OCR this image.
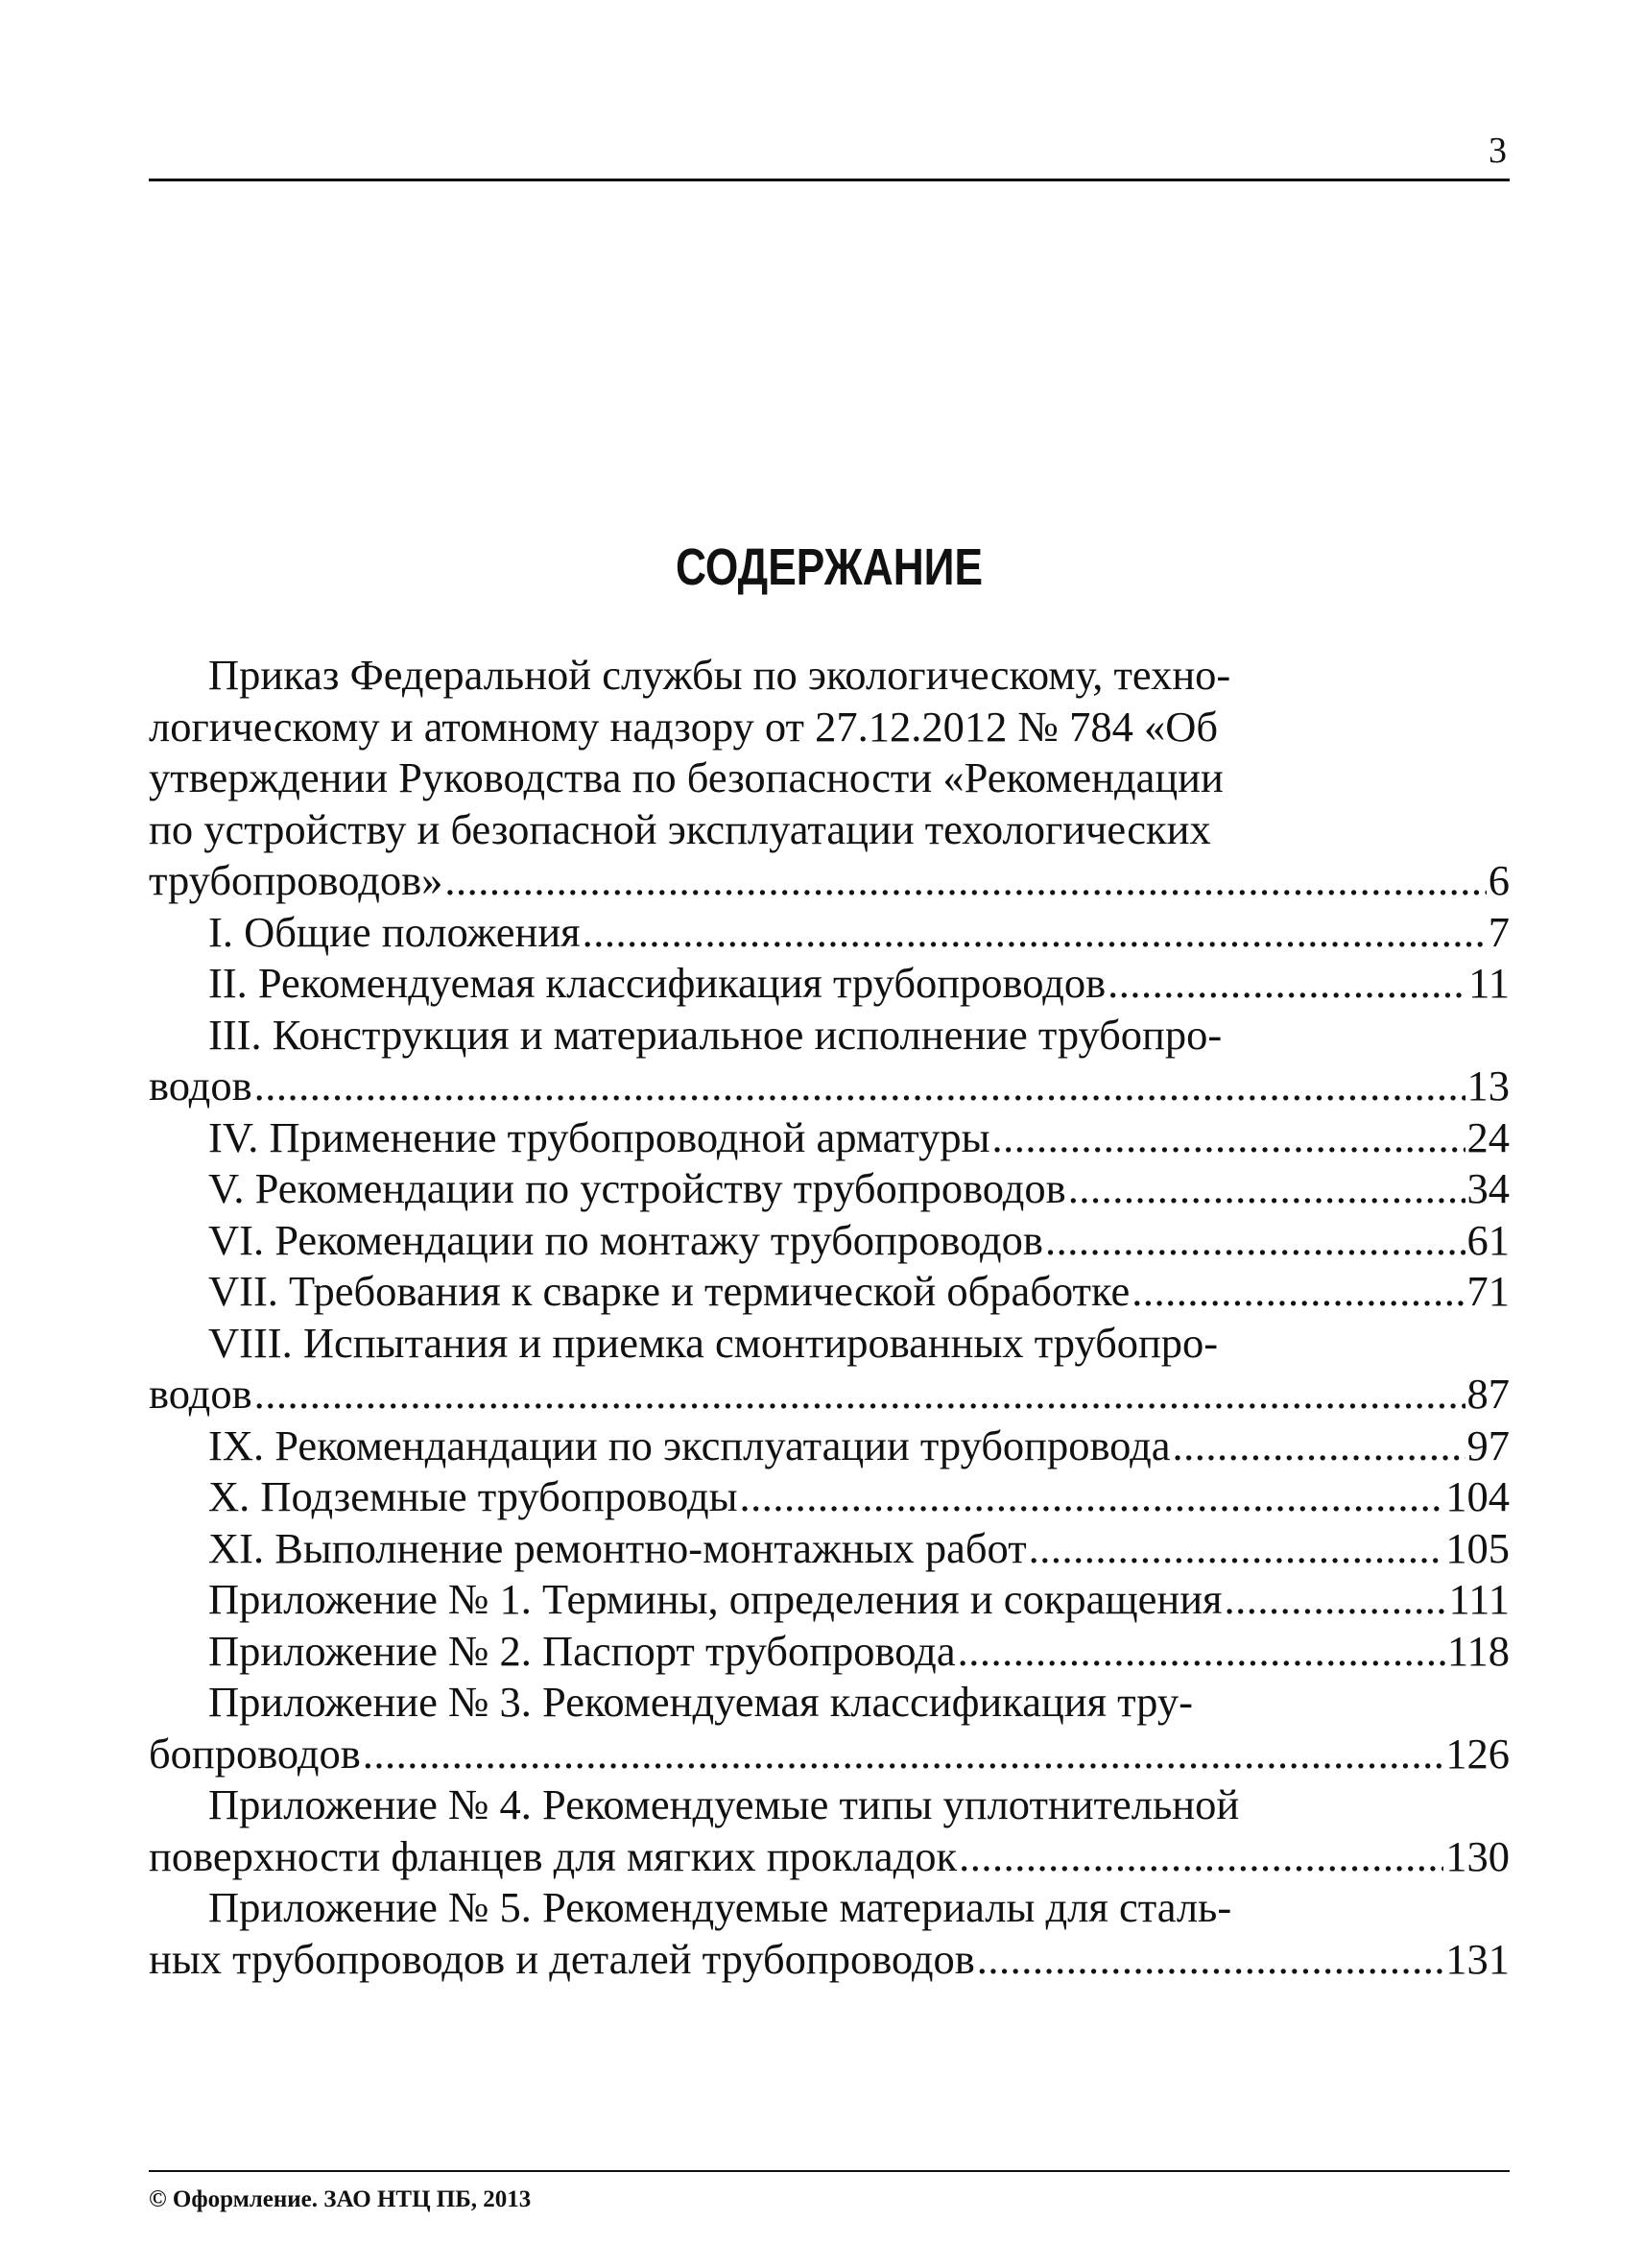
3
СОДЕРЖАНИЕ
Приказ Федеральной службы по экологическому, техно-
логическому и атомному надзору от 27.12.2012 № 784 «Об
утверждении Руководства по безопасности «Рекомендации
по устройству и безопасной эксплуатации техологических
трубопроводов» .....	6
I. Общие положения .....	7
II. Рекомендуемая классификация трубопроводов .....	11
III. Конструкция и материальное исполнение трубопро-
водов .....	13
IV. Применение трубопроводной арматуры .....	24
V. Рекомендации по устройству трубопроводов .....	34
VI. Рекомендации по монтажу трубопроводов .....	61
VII. Требования к сварке и термической обработке .....	71
VIII. Испытания и приемка смонтированных трубопро-
водов .....	87
IX. Рекомендандации по эксплуатации трубопровода .....	97
X. Подземные трубопроводы .....	104
XI. Выполнение ремонтно-монтажных работ .....	105
Приложение № 1. Термины, определения и сокращения .....	111
Приложение № 2. Паспорт трубопровода .....	118
Приложение № 3. Рекомендуемая классификация тру-
бопроводов .....	126
Приложение № 4. Рекомендуемые типы уплотнительной
поверхности фланцев для мягких прокладок .....	130
Приложение № 5. Рекомендуемые материалы для сталь-
ных трубопроводов и деталей трубопроводов .....	131
© Оформление. ЗАО НТЦ ПБ, 2013
